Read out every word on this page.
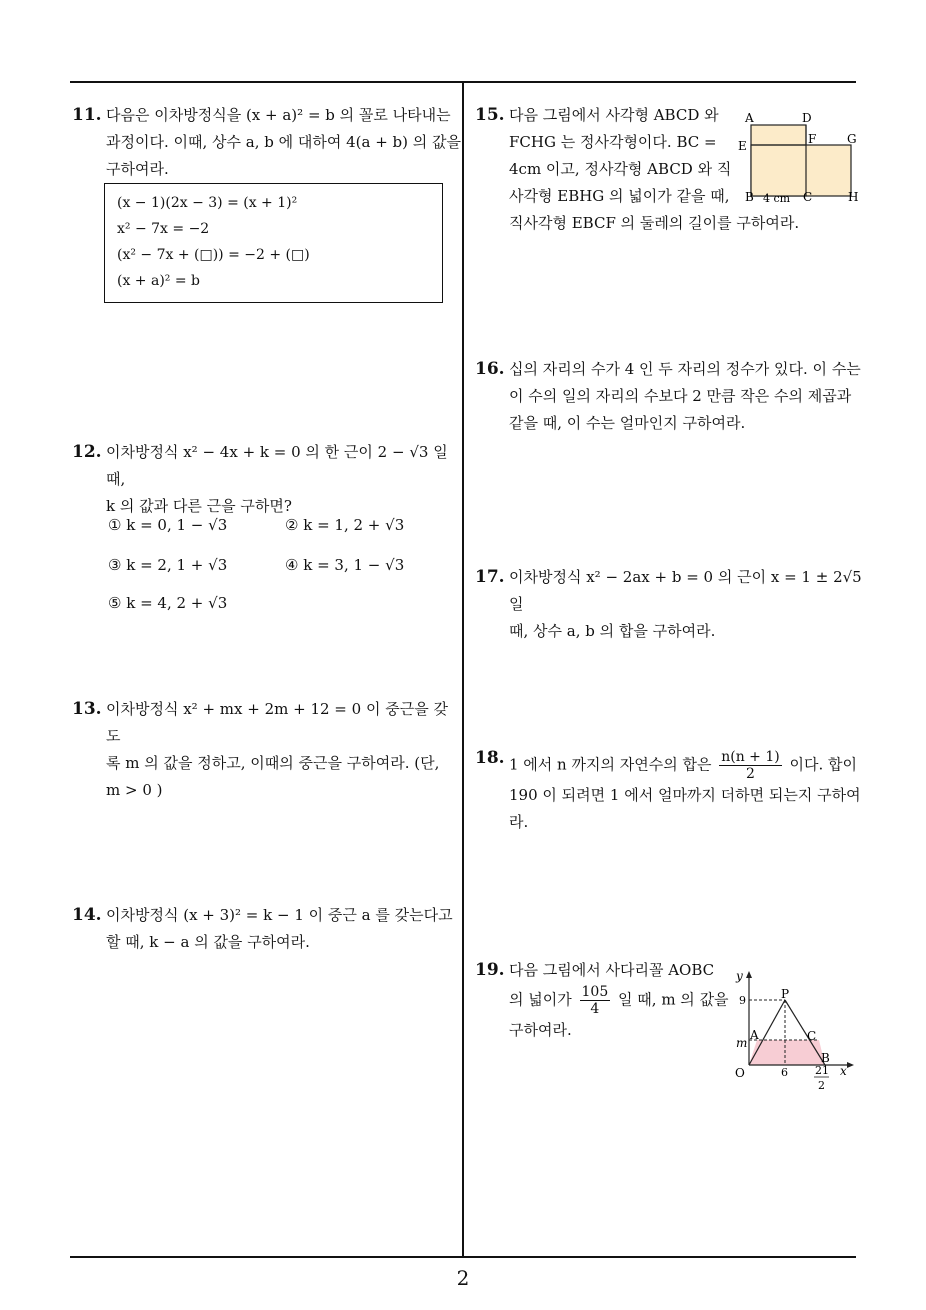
11. 다음은 이차방정식을 (x + a)² = b 의 꼴로 나타내는
과정이다. 이때, 상수 a, b 에 대하여 4(a + b) 의 값을
구하여라.
(x − 1)(2x − 3) = (x + 1)²
x² − 7x = −2
(x² − 7x + (□)) = −2 + (□)
(x + a)² = b
12. 이차방정식 x² − 4x + k = 0 의 한 근이 2 − √3 일 때,
k 의 값과 다른 근을 구하면?
① k = 0, 1 − √3	② k = 1, 2 + √3
③ k = 2, 1 + √3	④ k = 3, 1 − √3
⑤ k = 4, 2 + √3
13. 이차방정식 x² + mx + 2m + 12 = 0 이 중근을 갖도
록 m 의 값을 정하고, 이때의 중근을 구하여라. (단,
m > 0 )
14. 이차방정식 (x + 3)² = k − 1 이 중근 a 를 갖는다고
할 때, k − a 의 값을 구하여라.
15. 다음 그림에서 사각형 ABCD 와
FCHG 는 정사각형이다. BC =
4cm 이고, 정사각형 ABCD 와 직
사각형 EBHG 의 넓이가 같을 때,
직사각형 EBCF 의 둘레의 길이를 구하여라.
A	D
F	G
E
B	C	H
4 cm
16. 십의 자리의 수가 4 인 두 자리의 정수가 있다. 이 수는
이 수의 일의 자리의 수보다 2 만큼 작은 수의 제곱과
같을 때, 이 수는 얼마인지 구하여라.
17. 이차방정식 x² − 2ax + b = 0 의 근이 x = 1 ± 2√5 일
때, 상수 a, b 의 합을 구하여라.
18. 1 에서 n 까지의 자연수의 합은 $\frac{n(n + 1)}{2}$ 이다. 합이
190 이 되려면 1 에서 얼마까지 더하면 되는지 구하여
라.
19. 다음 그림에서 사다리꼴 AOBC
의 넓이가 $\frac{105}{4}$ 일 때, m 의 값을
구하여라.
y
x
9
m
O	6 21
2
P
A	C
B
2
